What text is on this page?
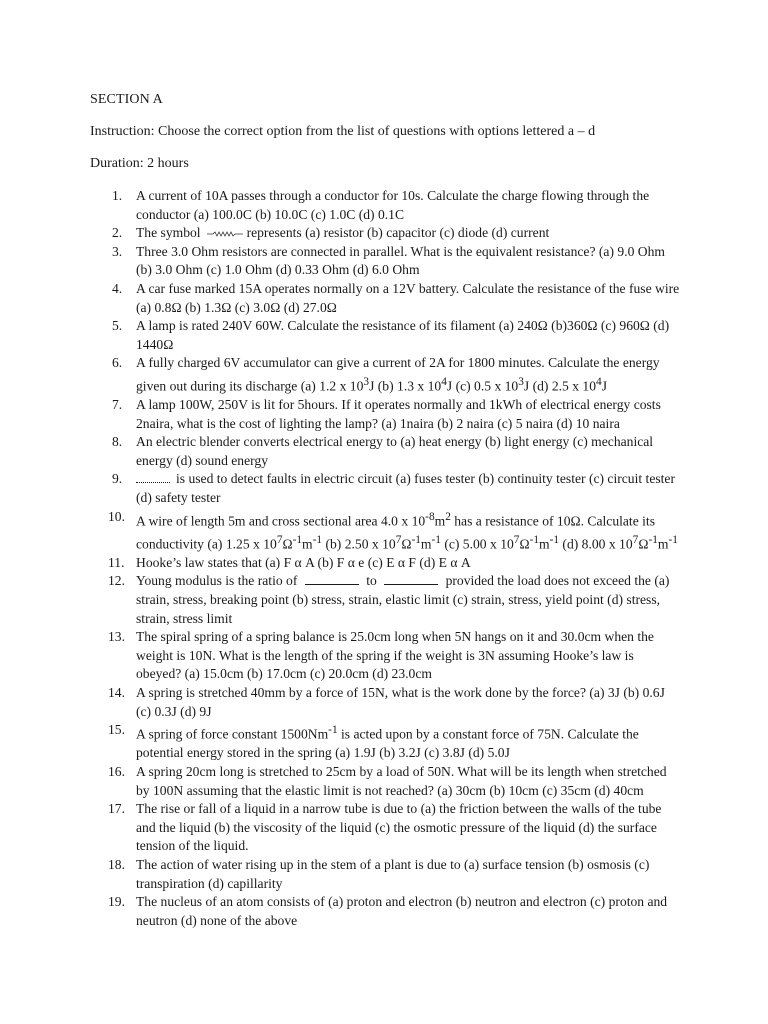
SECTION A
Instruction: Choose the correct option from the list of questions with options lettered a – d
Duration: 2 hours
1.	A current of 10A passes through a conductor for 10s. Calculate the charge flowing through the conductor (a) 100.0C (b) 10.0C (c) 1.0C (d) 0.1C
2.	The symbol	represents (a) resistor (b) capacitor (c) diode (d) current
3.	Three 3.0 Ohm resistors are connected in parallel. What is the equivalent resistance? (a) 9.0 Ohm (b) 3.0 Ohm (c) 1.0 Ohm (d) 0.33 Ohm (d) 6.0 Ohm
4.	A car fuse marked 15A operates normally on a 12V battery. Calculate the resistance of the fuse wire (a) 0.8Ω (b) 1.3Ω (c) 3.0Ω (d) 27.0Ω
5.	A lamp is rated 240V 60W. Calculate the resistance of its filament (a) 240Ω (b)360Ω (c) 960Ω (d) 1440Ω
6.	A fully charged 6V accumulator can give a current of 2A for 1800 minutes. Calculate the energy given out during its discharge (a) 1.2 x $10^3J$ (b) 1.3 x $10^4J$ (c) 0.5 x $10^3J$ (d) 2.5 x $10^4J$
7.	A lamp 100W, 250V is lit for 5hours. If it operates normally and 1kWh of electrical energy costs 2naira, what is the cost of lighting the lamp? (a) 1naira (b) 2 naira (c) 5 naira (d) 10 naira
8.	An electric blender converts electrical energy to (a) heat energy (b) light energy (c) mechanical energy (d) sound energy
9.	is used to detect faults in electric circuit (a) fuses tester (b) continuity tester (c) circuit tester (d) safety tester
10. A wire of length 5m and cross sectional area 4.0 x $10^{-8}m^2$ has a resistance of 10Ω. Calculate its conductivity (a) 1.25 x $10^7\Omega^{-1}m^{-1}$ (b) 2.50 x $10^7\Omega^{-1}m^{-1}$ (c) 5.00 x $10^7\Omega^{-1}m^{-1}$ (d) 8.00 x $10^7\Omega^{-1}m^{-1}$
11. Hooke’s law states that (a) F α A (b) F α e (c) E α F (d) E α A
12. Young modulus is the ratio of	to	provided the load does not exceed the (a) strain, stress, breaking point (b) stress, strain, elastic limit (c) strain, stress, yield point (d) stress, strain, stress limit
13. The spiral spring of a spring balance is 25.0cm long when 5N hangs on it and 30.0cm when the weight is 10N. What is the length of the spring if the weight is 3N assuming Hooke’s law is obeyed? (a) 15.0cm (b) 17.0cm (c) 20.0cm (d) 23.0cm
14. A spring is stretched 40mm by a force of 15N, what is the work done by the force? (a) 3J (b) 0.6J (c) 0.3J (d) 9J
15. A spring of force constant $1500Nm^{-1}$ is acted upon by a constant force of 75N. Calculate the potential energy stored in the spring (a) 1.9J (b) 3.2J (c) 3.8J (d) 5.0J
16. A spring 20cm long is stretched to 25cm by a load of 50N. What will be its length when stretched by 100N assuming that the elastic limit is not reached? (a) 30cm (b) 10cm (c) 35cm (d) 40cm
17. The rise or fall of a liquid in a narrow tube is due to (a) the friction between the walls of the tube and the liquid (b) the viscosity of the liquid (c) the osmotic pressure of the liquid (d) the surface tension of the liquid.
18. The action of water rising up in the stem of a plant is due to (a) surface tension (b) osmosis (c) transpiration (d) capillarity
19. The nucleus of an atom consists of (a) proton and electron (b) neutron and electron (c) proton and neutron (d) none of the above
